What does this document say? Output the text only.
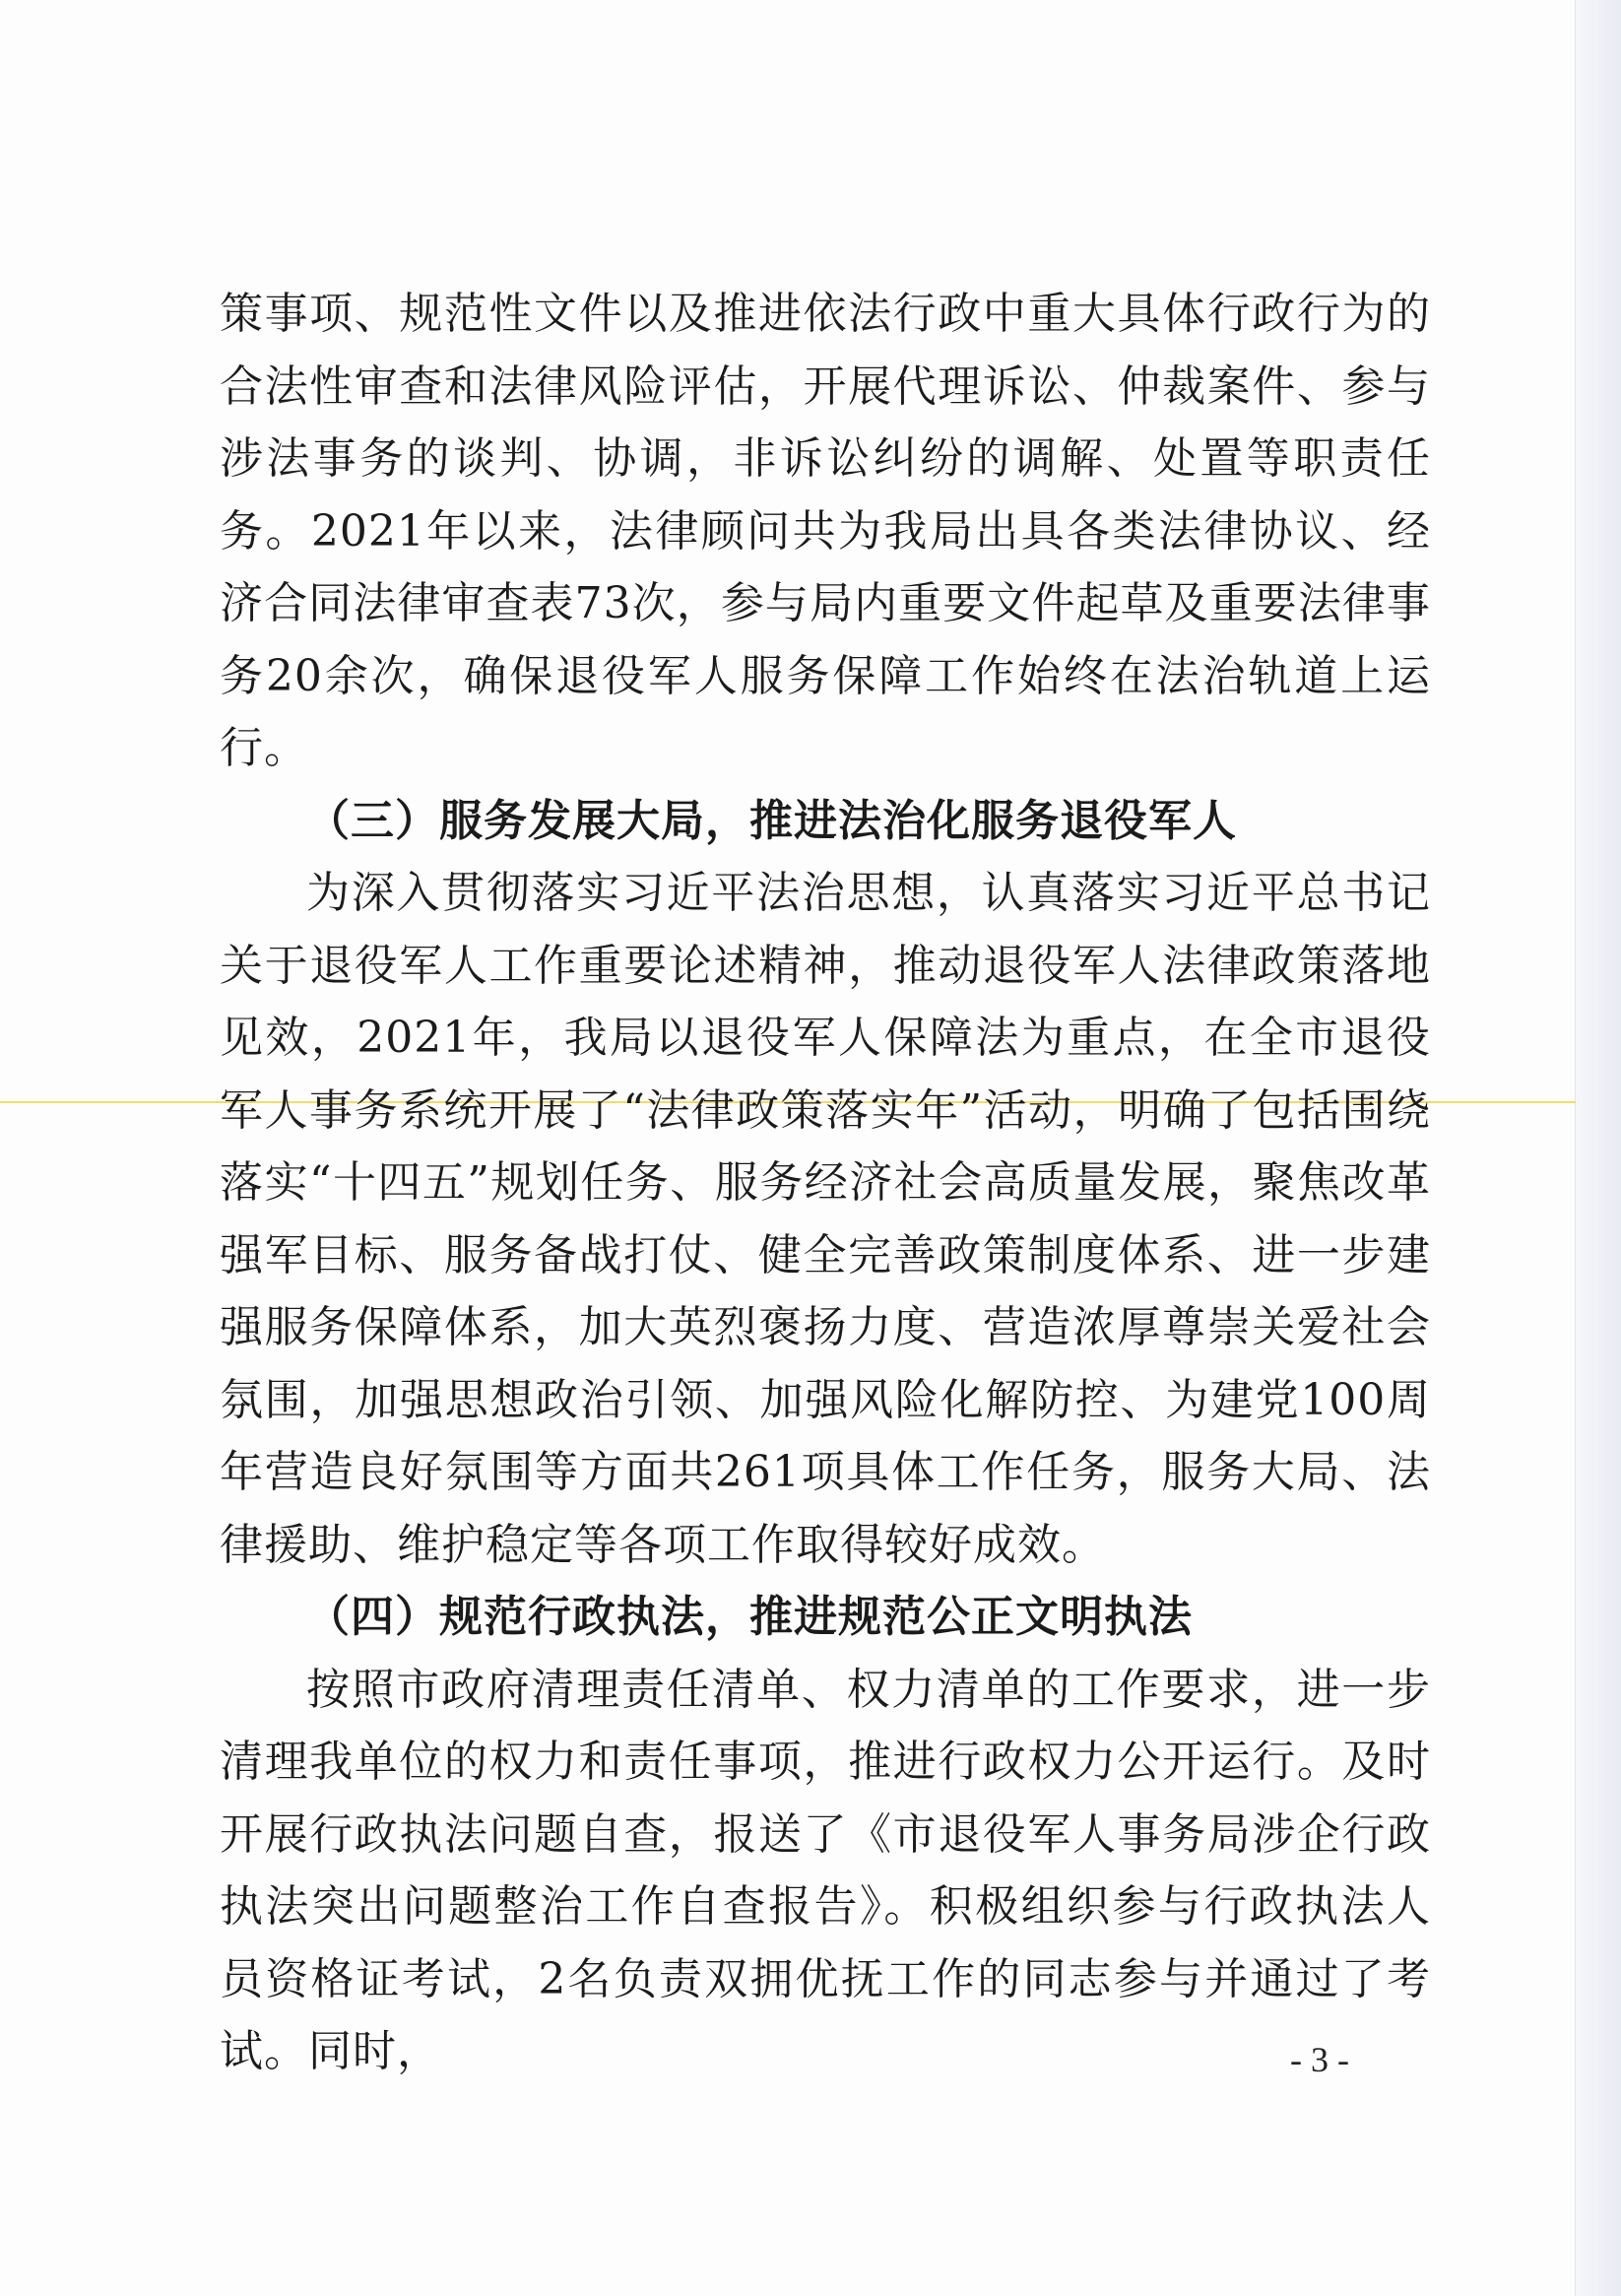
策事项、规范性文件以及推进依法行政中重大具体行政行为的合法性审查和法律风险评估，开展代理诉讼、仲裁案件、参与涉法事务的谈判、协调，非诉讼纠纷的调解、处置等职责任务。2021年以来，法律顾问共为我局出具各类法律协议、经济合同法律审查表73次，参与局内重要文件起草及重要法律事务20余次，确保退役军人服务保障工作始终在法治轨道上运行。

（三）服务发展大局，推进法治化服务退役军人

为深入贯彻落实习近平法治思想，认真落实习近平总书记关于退役军人工作重要论述精神，推动退役军人法律政策落地见效，2021年，我局以退役军人保障法为重点，在全市退役军人事务系统开展了“法律政策落实年”活动，明确了包括围绕落实“十四五”规划任务、服务经济社会高质量发展，聚焦改革强军目标、服务备战打仗、健全完善政策制度体系、进一步建强服务保障体系，加大英烈褒扬力度、营造浓厚尊崇关爱社会氛围，加强思想政治引领、加强风险化解防控、为建党100周年营造良好氛围等方面共261项具体工作任务，服务大局、法律援助、维护稳定等各项工作取得较好成效。

（四）规范行政执法，推进规范公正文明执法

按照市政府清理责任清单、权力清单的工作要求，进一步清理我单位的权力和责任事项，推进行政权力公开运行。及时开展行政执法问题自查，报送了《市退役军人事务局涉企行政执法突出问题整治工作自查报告》。积极组织参与行政执法人员资格证考试，2名负责双拥优抚工作的同志参与并通过了考试。同时，	- 3 -
